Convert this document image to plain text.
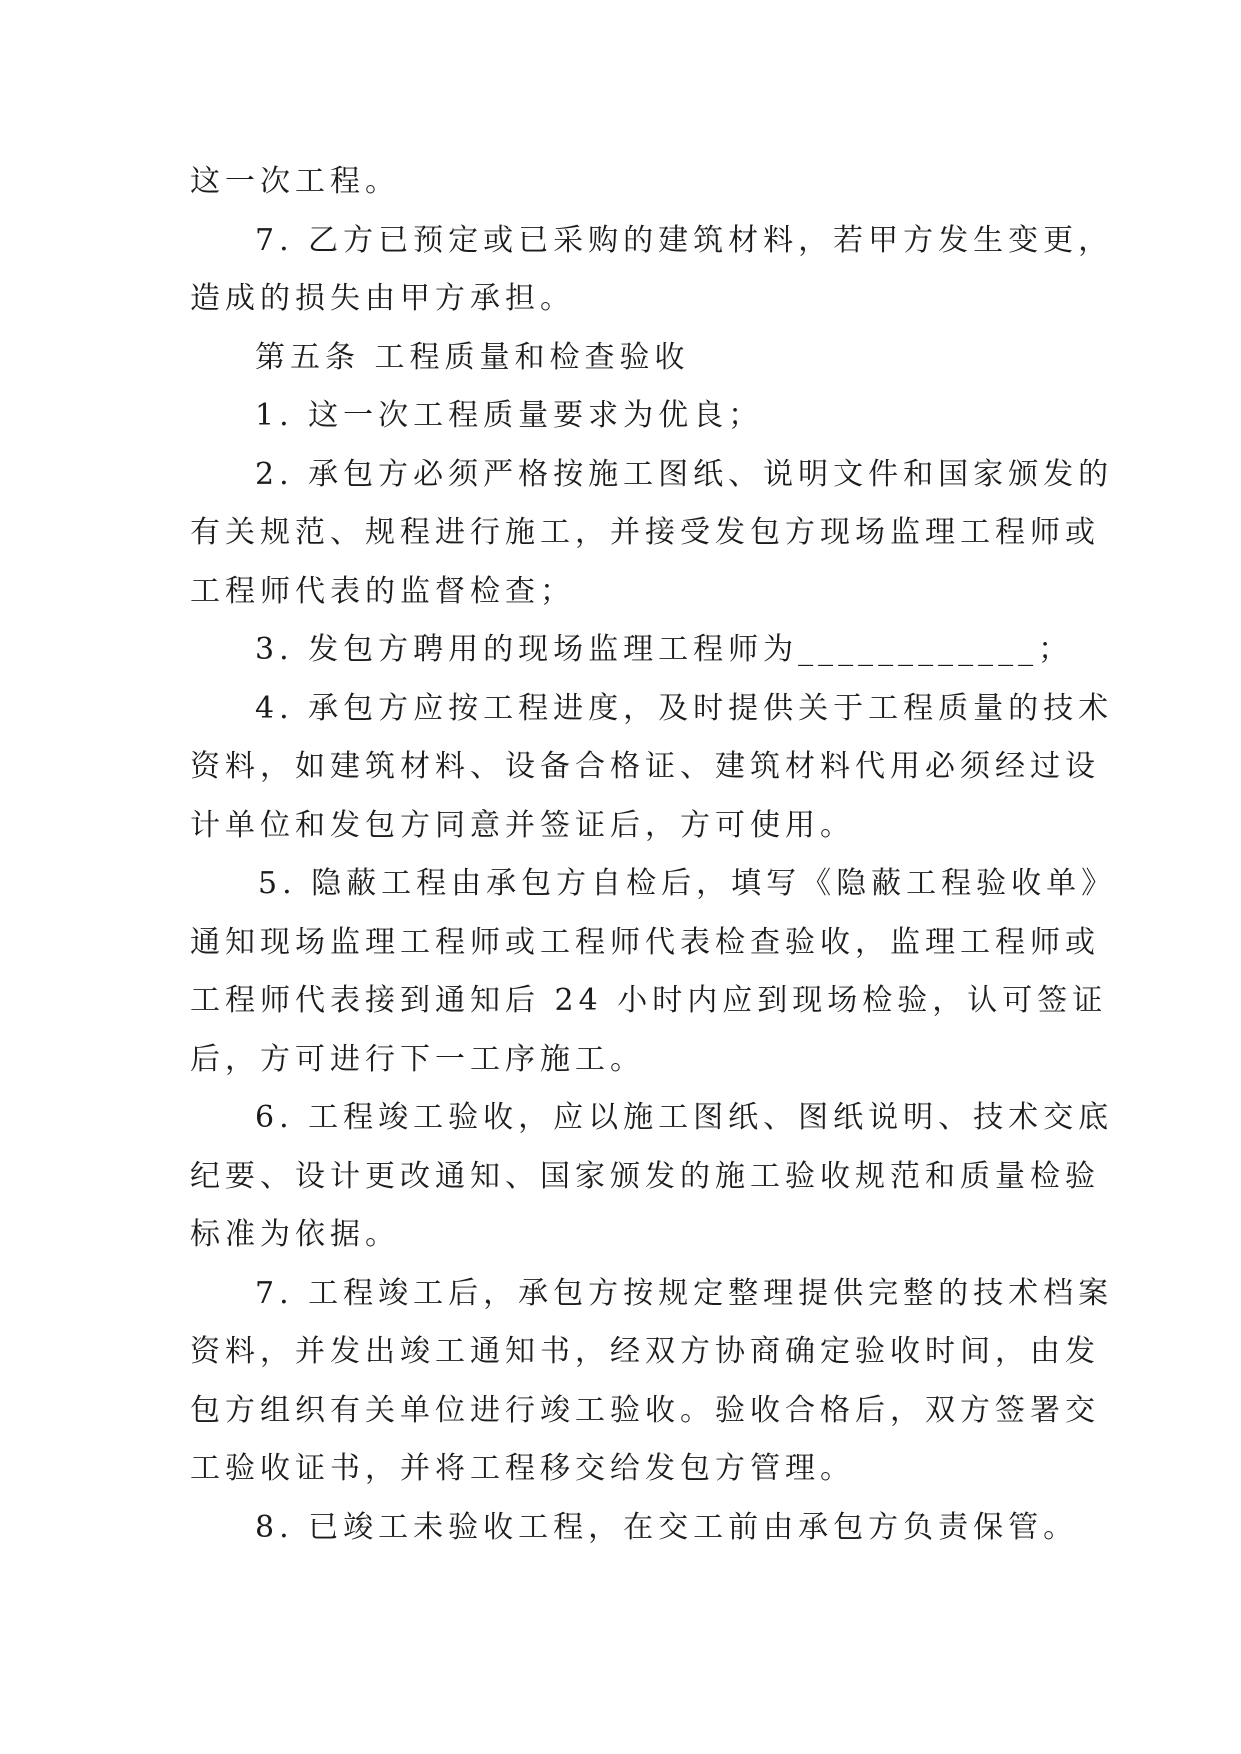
这一次工程。
7. 乙方已预定或已采购的建筑材料，若甲方发生变更，
造成的损失由甲方承担。
第五条 工程质量和检查验收
1. 这一次工程质量要求为优良；
2. 承包方必须严格按施工图纸、说明文件和国家颁发的
有关规范、规程进行施工，并接受发包方现场监理工程师或
工程师代表的监督检查；
3. 发包方聘用的现场监理工程师为____________；
4. 承包方应按工程进度，及时提供关于工程质量的技术
资料，如建筑材料、设备合格证、建筑材料代用必须经过设
计单位和发包方同意并签证后，方可使用。
5. 隐蔽工程由承包方自检后，填写《隐蔽工程验收单》
通知现场监理工程师或工程师代表检查验收，监理工程师或
工程师代表接到通知后 24 小时内应到现场检验，认可签证
后，方可进行下一工序施工。
6. 工程竣工验收，应以施工图纸、图纸说明、技术交底
纪要、设计更改通知、国家颁发的施工验收规范和质量检验
标准为依据。
7. 工程竣工后，承包方按规定整理提供完整的技术档案
资料，并发出竣工通知书，经双方协商确定验收时间，由发
包方组织有关单位进行竣工验收。验收合格后，双方签署交
工验收证书，并将工程移交给发包方管理。
8. 已竣工未验收工程，在交工前由承包方负责保管。
